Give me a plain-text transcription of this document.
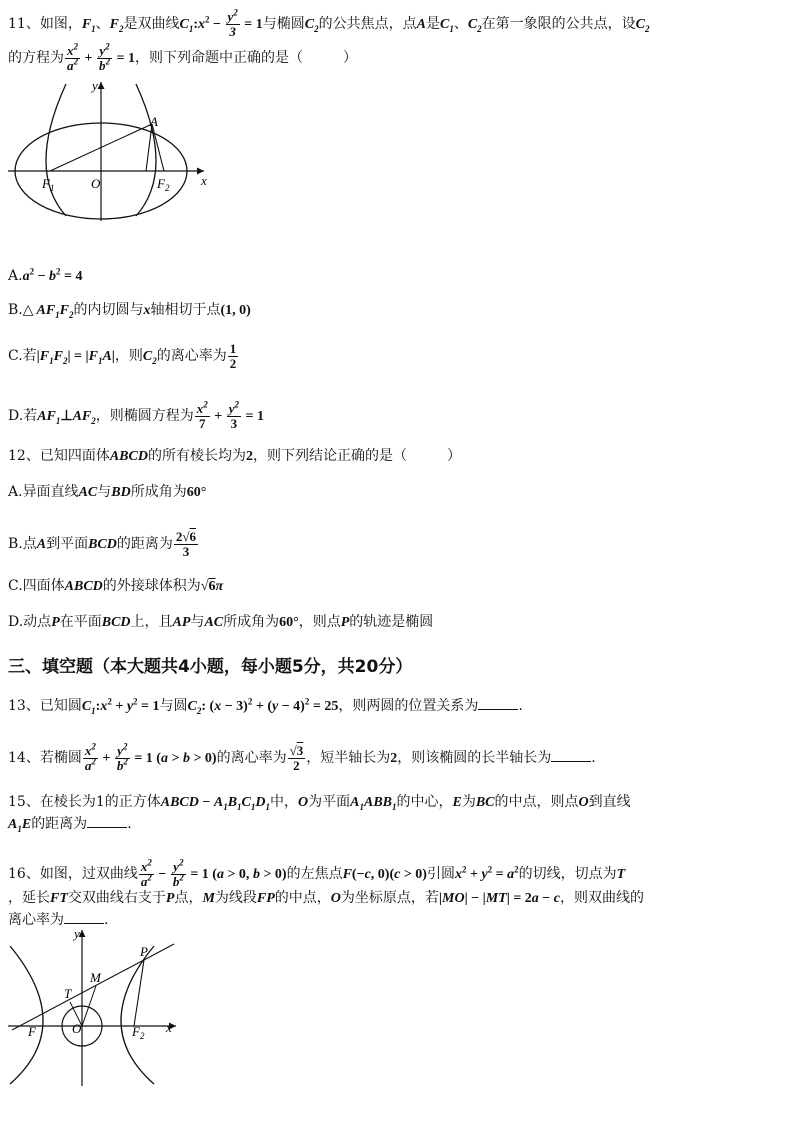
11、如图，$F_1$、$F_2$是双曲线$C_1:x^2 - \frac{y^2}{3} = 1$与椭圆$C_2$的公共焦点，点A是$C_1$、$C_2$在第一象限的公共点，设$C_2$
的方程为 $\frac{x^2}{a^2} + \frac{y^2}{b^2} = 1$，则下列命题中正确的是（	）
A
$F_1$	O	$F_2$ x
y
$A.a^2 - b^2 = 4$
B.△ $AF_1F_2$的内切圆与x轴相切于点(1, 0)
C.若$|F_1F_2| = |F_1A|$，则$C_2$的离心率为 $\frac{1}{2}$
D.若$AF_1\perp AF_2$，则椭圆方程为 $\frac{x^2}{7} + \frac{y^2}{3} = 1$
12、已知四面体ABCD的所有棱长均为2，则下列结论正确的是（	）
A.异面直线AC与BD所成角为60°
B.点A到平面BCD的距离为 $\frac{2√6}{3}$
C.四面体ABCD的外接球体积为√6π
D.动点P在平面BCD上，且AP与AC所成角为60°，则点P的轨迹是椭圆
三、填空题（本大题共4小题，每小题5分，共20分）
13、已知圆$C_1:x^2 + y^2 = 1$与圆$C_2$: $(x - 3)^2 + (y - 4)^2 = 25$，则两圆的位置关系为	.
14、若椭圆 $\frac{x^2}{a^2} + \frac{y^2}{b^2} = 1$ (a > b > 0)的离心率为 $\frac{√3}{2}$ ，短半轴长为2，则该椭圆的长半轴长为	.
15、在棱长为1的正方体ABCD − $A_1B_1C_1D_1$中，O为平面$A_1ABB_1$的中心，E为BC的中点，则点O到直线
$A_1E$的距离为	.
16、如图，过双曲线 $\frac{x^2}{a^2} - \frac{y^2}{b^2} = 1$ (a > 0, b > 0)的左焦点F(−c, 0)(c > 0)引圆$x^2 + y^2 = a^2$的切线，切点为T
，延长FT交双曲线右支于P点，M为线段FP的中点，O为坐标原点，若|MO| − |MT| = 2a − c，则双曲线的
离心率为	.
P
M
T
F	O	$F_2$
x
y
